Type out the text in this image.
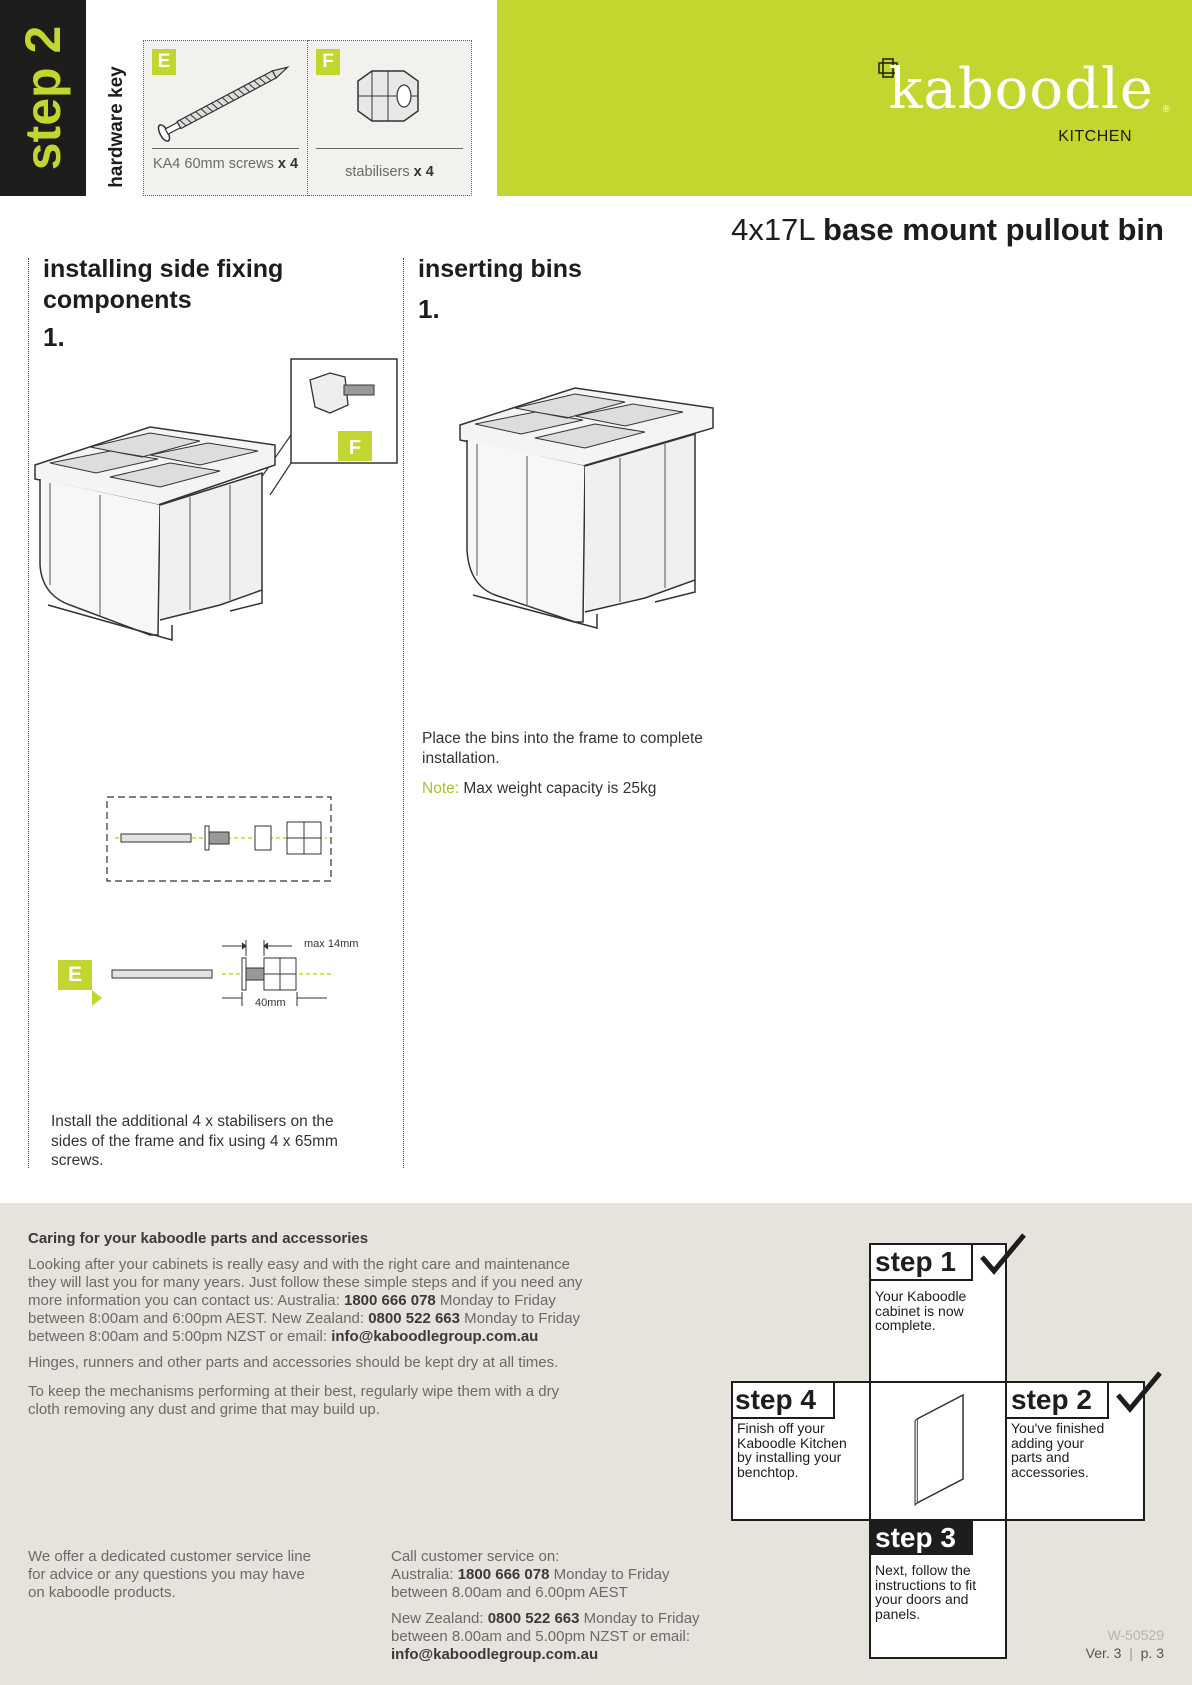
step 2 hardware key
E
KA4 60mm screws x 4
F
stabilisers x 4
kaboodle ®
KITCHEN
4x17L base mount pullout bin
installing side fixing
components
1.
F
E
max 14mm
40mm
Install the additional 4 x stabilisers on the
sides of the frame and fix using 4 x 65mm
screws.
inserting bins
1.
Place the bins into the frame to complete
installation.
Note: Max weight capacity is 25kg
Caring for your kaboodle parts and accessories
Looking after your cabinets is really easy and with the right care and maintenance
they will last you for many years. Just follow these simple steps and if you need any
more information you can contact us: Australia: 1800 666 078 Monday to Friday
between 8:00am and 6:00pm AEST. New Zealand: 0800 522 663 Monday to Friday
between 8:00am and 5:00pm NZST or email: info@kaboodlegroup.com.au
Hinges, runners and other parts and accessories should be kept dry at all times.
To keep the mechanisms performing at their best, regularly wipe them with a dry
cloth removing any dust and grime that may build up.
We offer a dedicated customer service line
for advice or any questions you may have
on kaboodle products.
Call customer service on:
Australia: 1800 666 078 Monday to Friday
between 8.00am and 6.00pm AEST
New Zealand: 0800 522 663 Monday to Friday
between 8.00am and 5.00pm NZST or email:
info@kaboodlegroup.com.au
step 1
Your Kaboodle
cabinet is now
complete.
step 4
Finish off your
Kaboodle Kitchen
by installing your
benchtop.
step 2
You've finished
adding your
parts and
accessories.
step 3
Next, follow the
instructions to fit
your doors and
panels.
W-50529
Ver. 3 | p. 3
